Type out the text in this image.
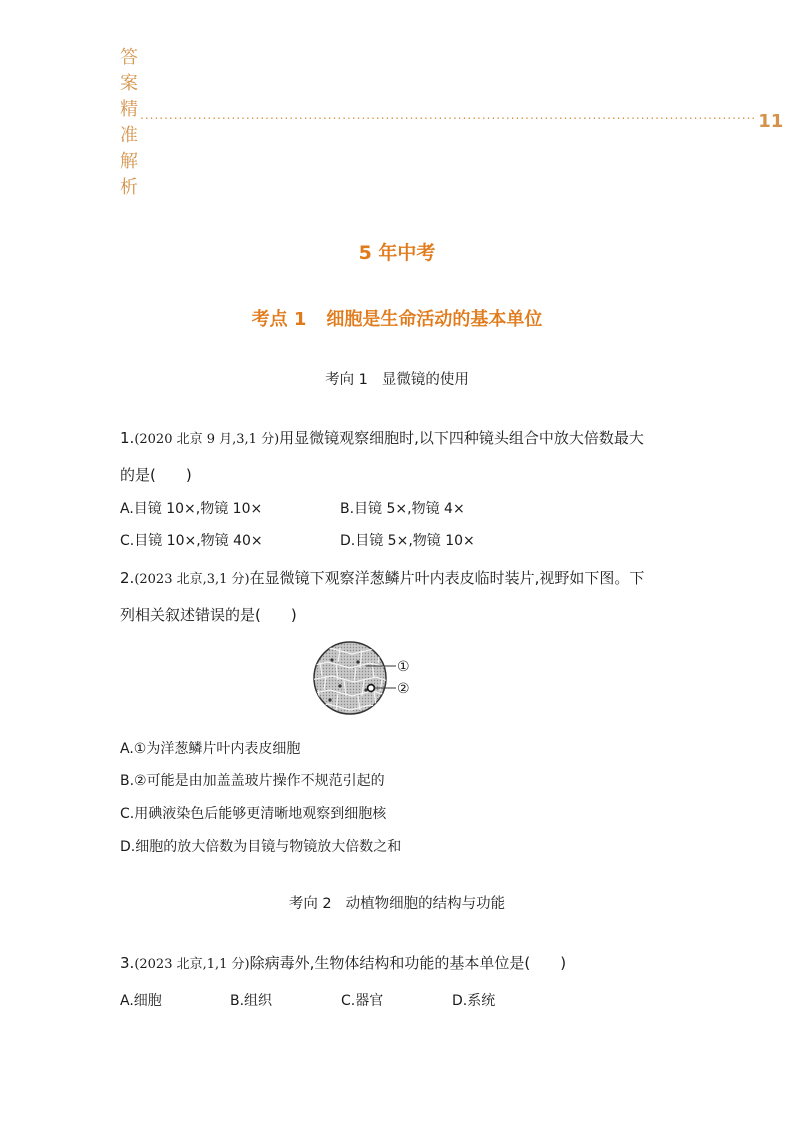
答案精准解析
................................................................................................................................ 11
5 年中考
考点 1 细胞是生命活动的基本单位
考向 1 显微镜的使用
1.(2020 北京 9 月,3,1 分)用显微镜观察细胞时,以下四种镜头组合中放大倍数最大
的是(　　)
A.目镜 10×,物镜 10×	B.目镜 5×,物镜 4×
C.目镜 10×,物镜 40×	D.目镜 5×,物镜 10×
2.(2023 北京,3,1 分)在显微镜下观察洋葱鳞片叶内表皮临时装片,视野如下图。下
列相关叙述错误的是(　　)
①
②
A.①为洋葱鳞片叶内表皮细胞
B.②可能是由加盖盖玻片操作不规范引起的
C.用碘液染色后能够更清晰地观察到细胞核
D.细胞的放大倍数为目镜与物镜放大倍数之和
考向 2 动植物细胞的结构与功能
3.(2023 北京,1,1 分)除病毒外,生物体结构和功能的基本单位是(　　)
A.细胞	B.组织	C.器官	D.系统
